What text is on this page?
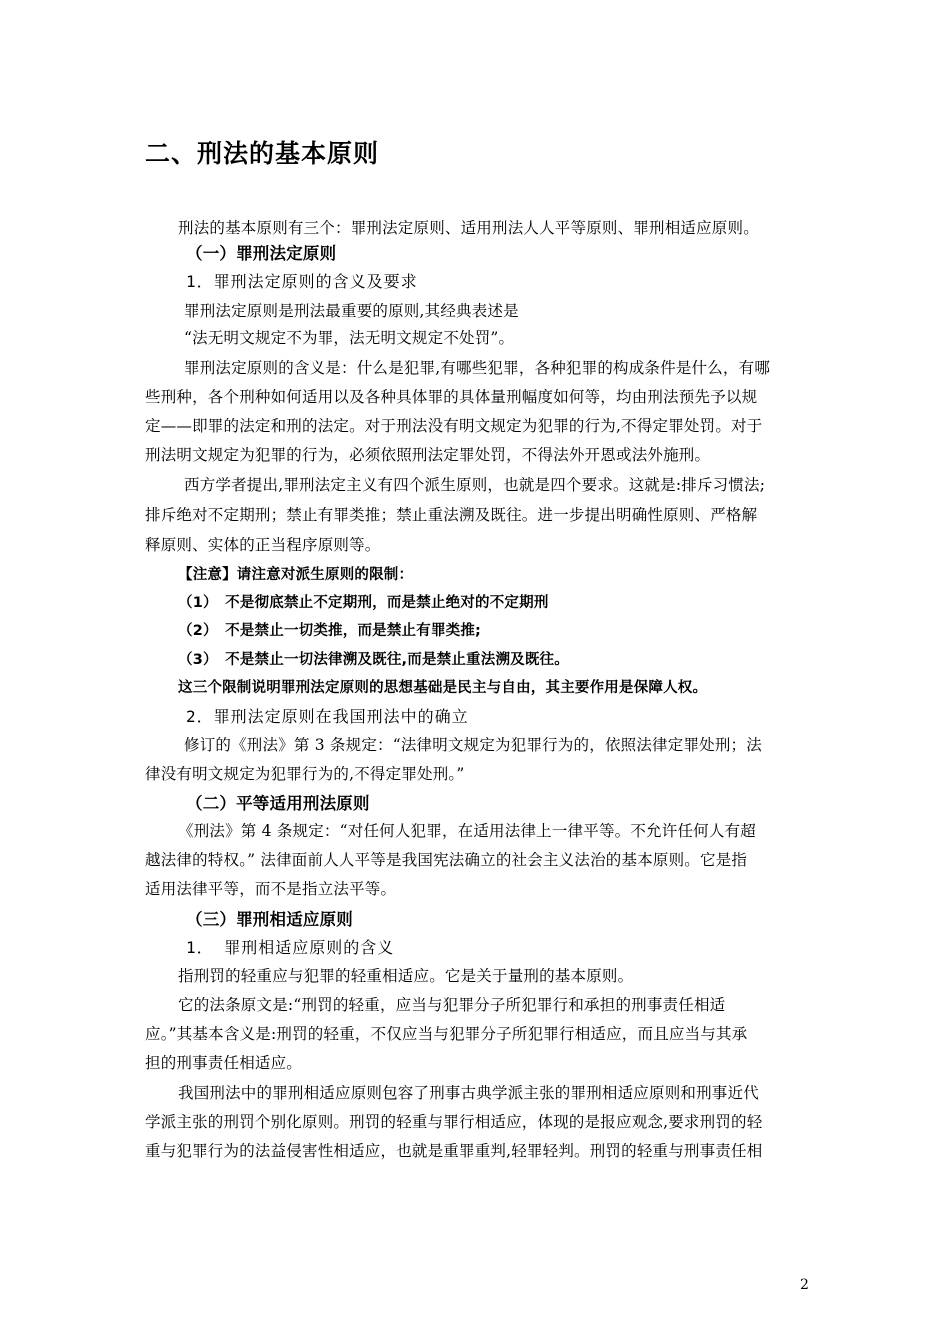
二、刑法的基本原则
刑法的基本原则有三个：罪刑法定原则、适用刑法人人平等原则、罪刑相适应原则。
（一）罪刑法定原则
1．罪刑法定原则的含义及要求
罪刑法定原则是刑法最重要的原则,其经典表述是
“法无明文规定不为罪，法无明文规定不处罚”。
罪刑法定原则的含义是：什么是犯罪,有哪些犯罪，各种犯罪的构成条件是什么，有哪
些刑种，各个刑种如何适用以及各种具体罪的具体量刑幅度如何等，均由刑法预先予以规
定——即罪的法定和刑的法定。对于刑法没有明文规定为犯罪的行为,不得定罪处罚。对于
刑法明文规定为犯罪的行为，必须依照刑法定罪处罚，不得法外开恩或法外施刑。
西方学者提出,罪刑法定主义有四个派生原则，也就是四个要求。这就是:排斥习惯法;
排斥绝对不定期刑；禁止有罪类推；禁止重法溯及既往。进一步提出明确性原则、严格解
释原则、实体的正当程序原则等。
【注意】请注意对派生原则的限制：
（1）　不是彻底禁止不定期刑，而是禁止绝对的不定期刑
（2）　不是禁止一切类推，而是禁止有罪类推;
（3）　不是禁止一切法律溯及既往,而是禁止重法溯及既往。
这三个限制说明罪刑法定原则的思想基础是民主与自由，其主要作用是保障人权。
2．罪刑法定原则在我国刑法中的确立
修订的《刑法》第 3 条规定：“法律明文规定为犯罪行为的，依照法律定罪处刑；法
律没有明文规定为犯罪行为的,不得定罪处刑。”
（二）平等适用刑法原则
《刑法》第 4 条规定：“对任何人犯罪，在适用法律上一律平等。不允许任何人有超
越法律的特权。” 法律面前人人平等是我国宪法确立的社会主义法治的基本原则。它是指
适用法律平等，而不是指立法平等。
（三）罪刑相适应原则
1． 罪刑相适应原则的含义
指刑罚的轻重应与犯罪的轻重相适应。它是关于量刑的基本原则。
它的法条原文是:“刑罚的轻重，应当与犯罪分子所犯罪行和承担的刑事责任相适
应。”其基本含义是:刑罚的轻重，不仅应当与犯罪分子所犯罪行相适应，而且应当与其承
担的刑事责任相适应。
我国刑法中的罪刑相适应原则包容了刑事古典学派主张的罪刑相适应原则和刑事近代
学派主张的刑罚个别化原则。刑罚的轻重与罪行相适应，体现的是报应观念,要求刑罚的轻
重与犯罪行为的法益侵害性相适应，也就是重罪重判,轻罪轻判。刑罚的轻重与刑事责任相
2
